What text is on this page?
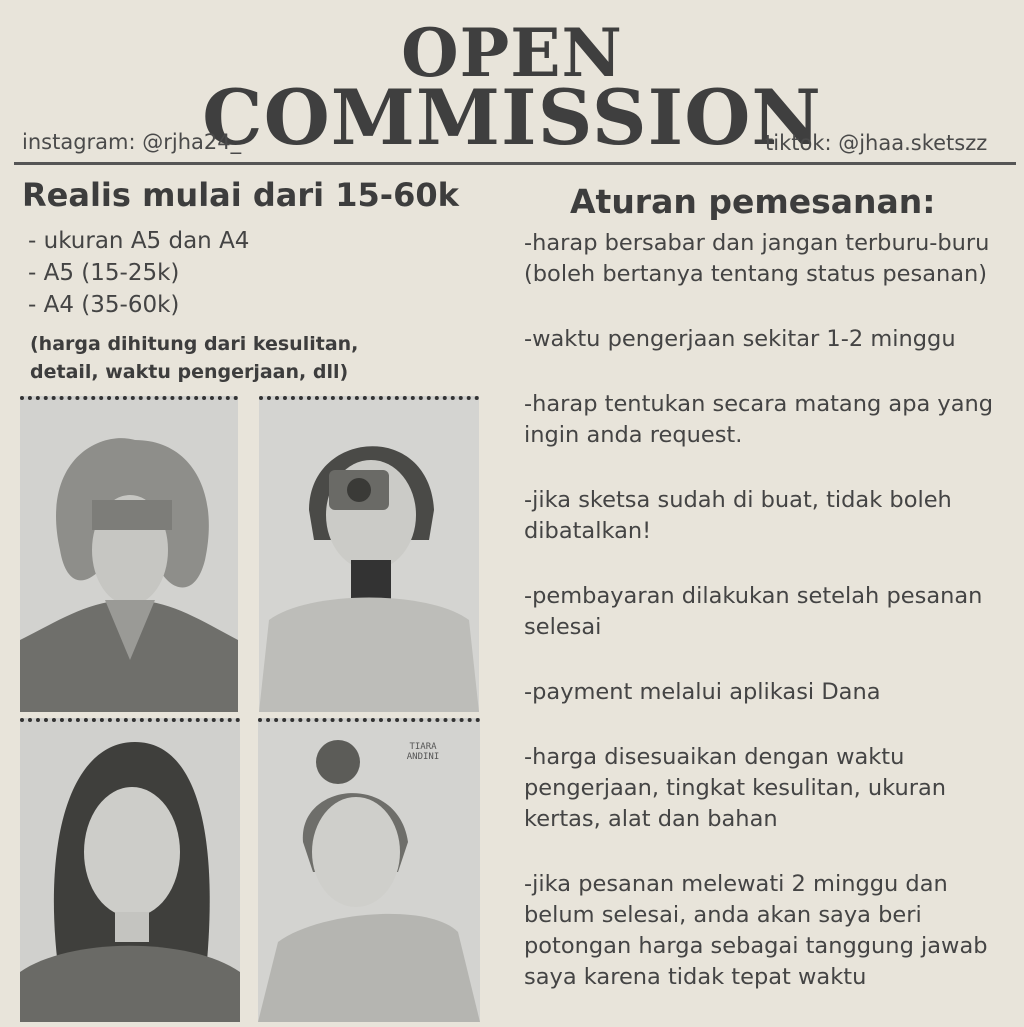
OPEN
COMMISSION
instagram: @rjha24_	tiktok: @jhaa.sketszz
Realis mulai dari 15-60k
- ukuran A5 dan A4
- A5 (15-25k)
- A4 (35-60k)
(harga dihitung dari kesulitan,
detail, waktu pengerjaan, dll)
Aturan pemesanan:

-harap bersabar dan jangan terburu-buru (boleh bertanya tentang status pesanan)

-waktu pengerjaan sekitar 1-2 minggu

-harap tentukan secara matang apa yang ingin anda request.

-jika sketsa sudah di buat, tidak boleh dibatalkan!

-pembayaran dilakukan setelah pesanan selesai

-payment melalui aplikasi Dana

-harga disesuaikan dengan waktu pengerjaan, tingkat kesulitan, ukuran kertas, alat dan bahan

-jika pesanan melewati 2 minggu dan belum selesai, anda akan saya beri potongan harga sebagai tanggung jawab saya karena tidak tepat waktu

TIARA ANDINI
